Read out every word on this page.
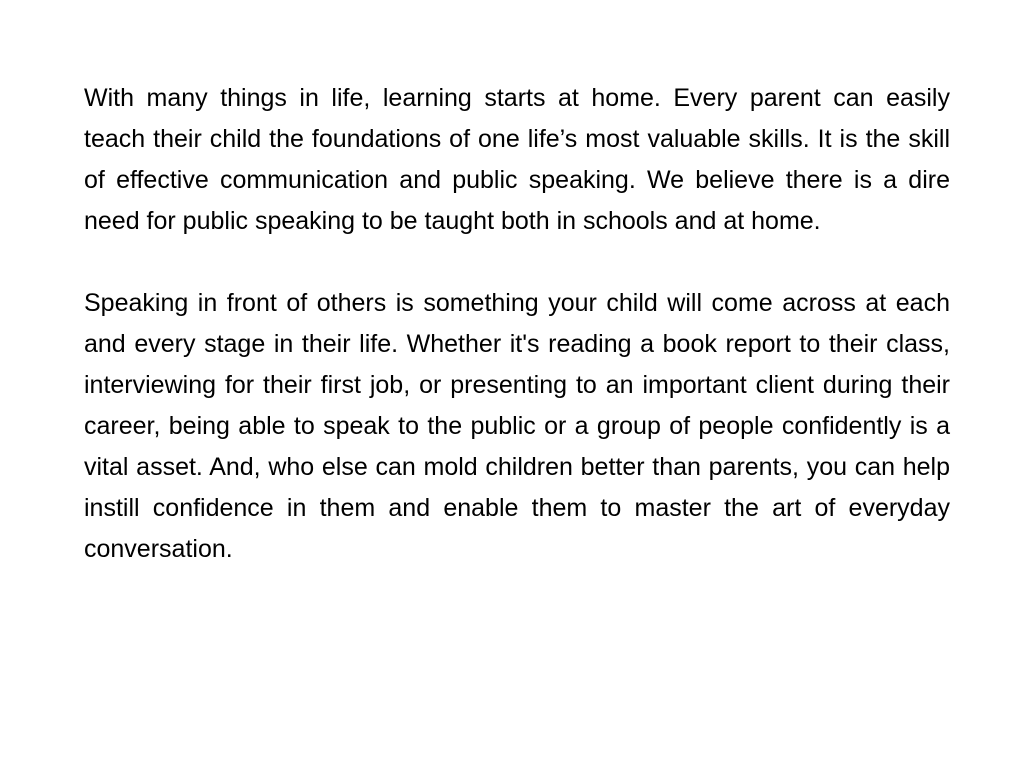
With many things in life, learning starts at home. Every parent can easily teach their child the foundations of one life’s most valuable skills. It is the skill of effective communication and public speaking. We believe there is a dire need for public speaking to be taught both in schools and at home.

Speaking in front of others is something your child will come across at each and every stage in their life. Whether it's reading a book report to their class, interviewing for their first job, or presenting to an important client during their career, being able to speak to the public or a group of people confidently is a vital asset. And, who else can mold children better than parents, you can help instill confidence in them and enable them to master the art of everyday conversation.
